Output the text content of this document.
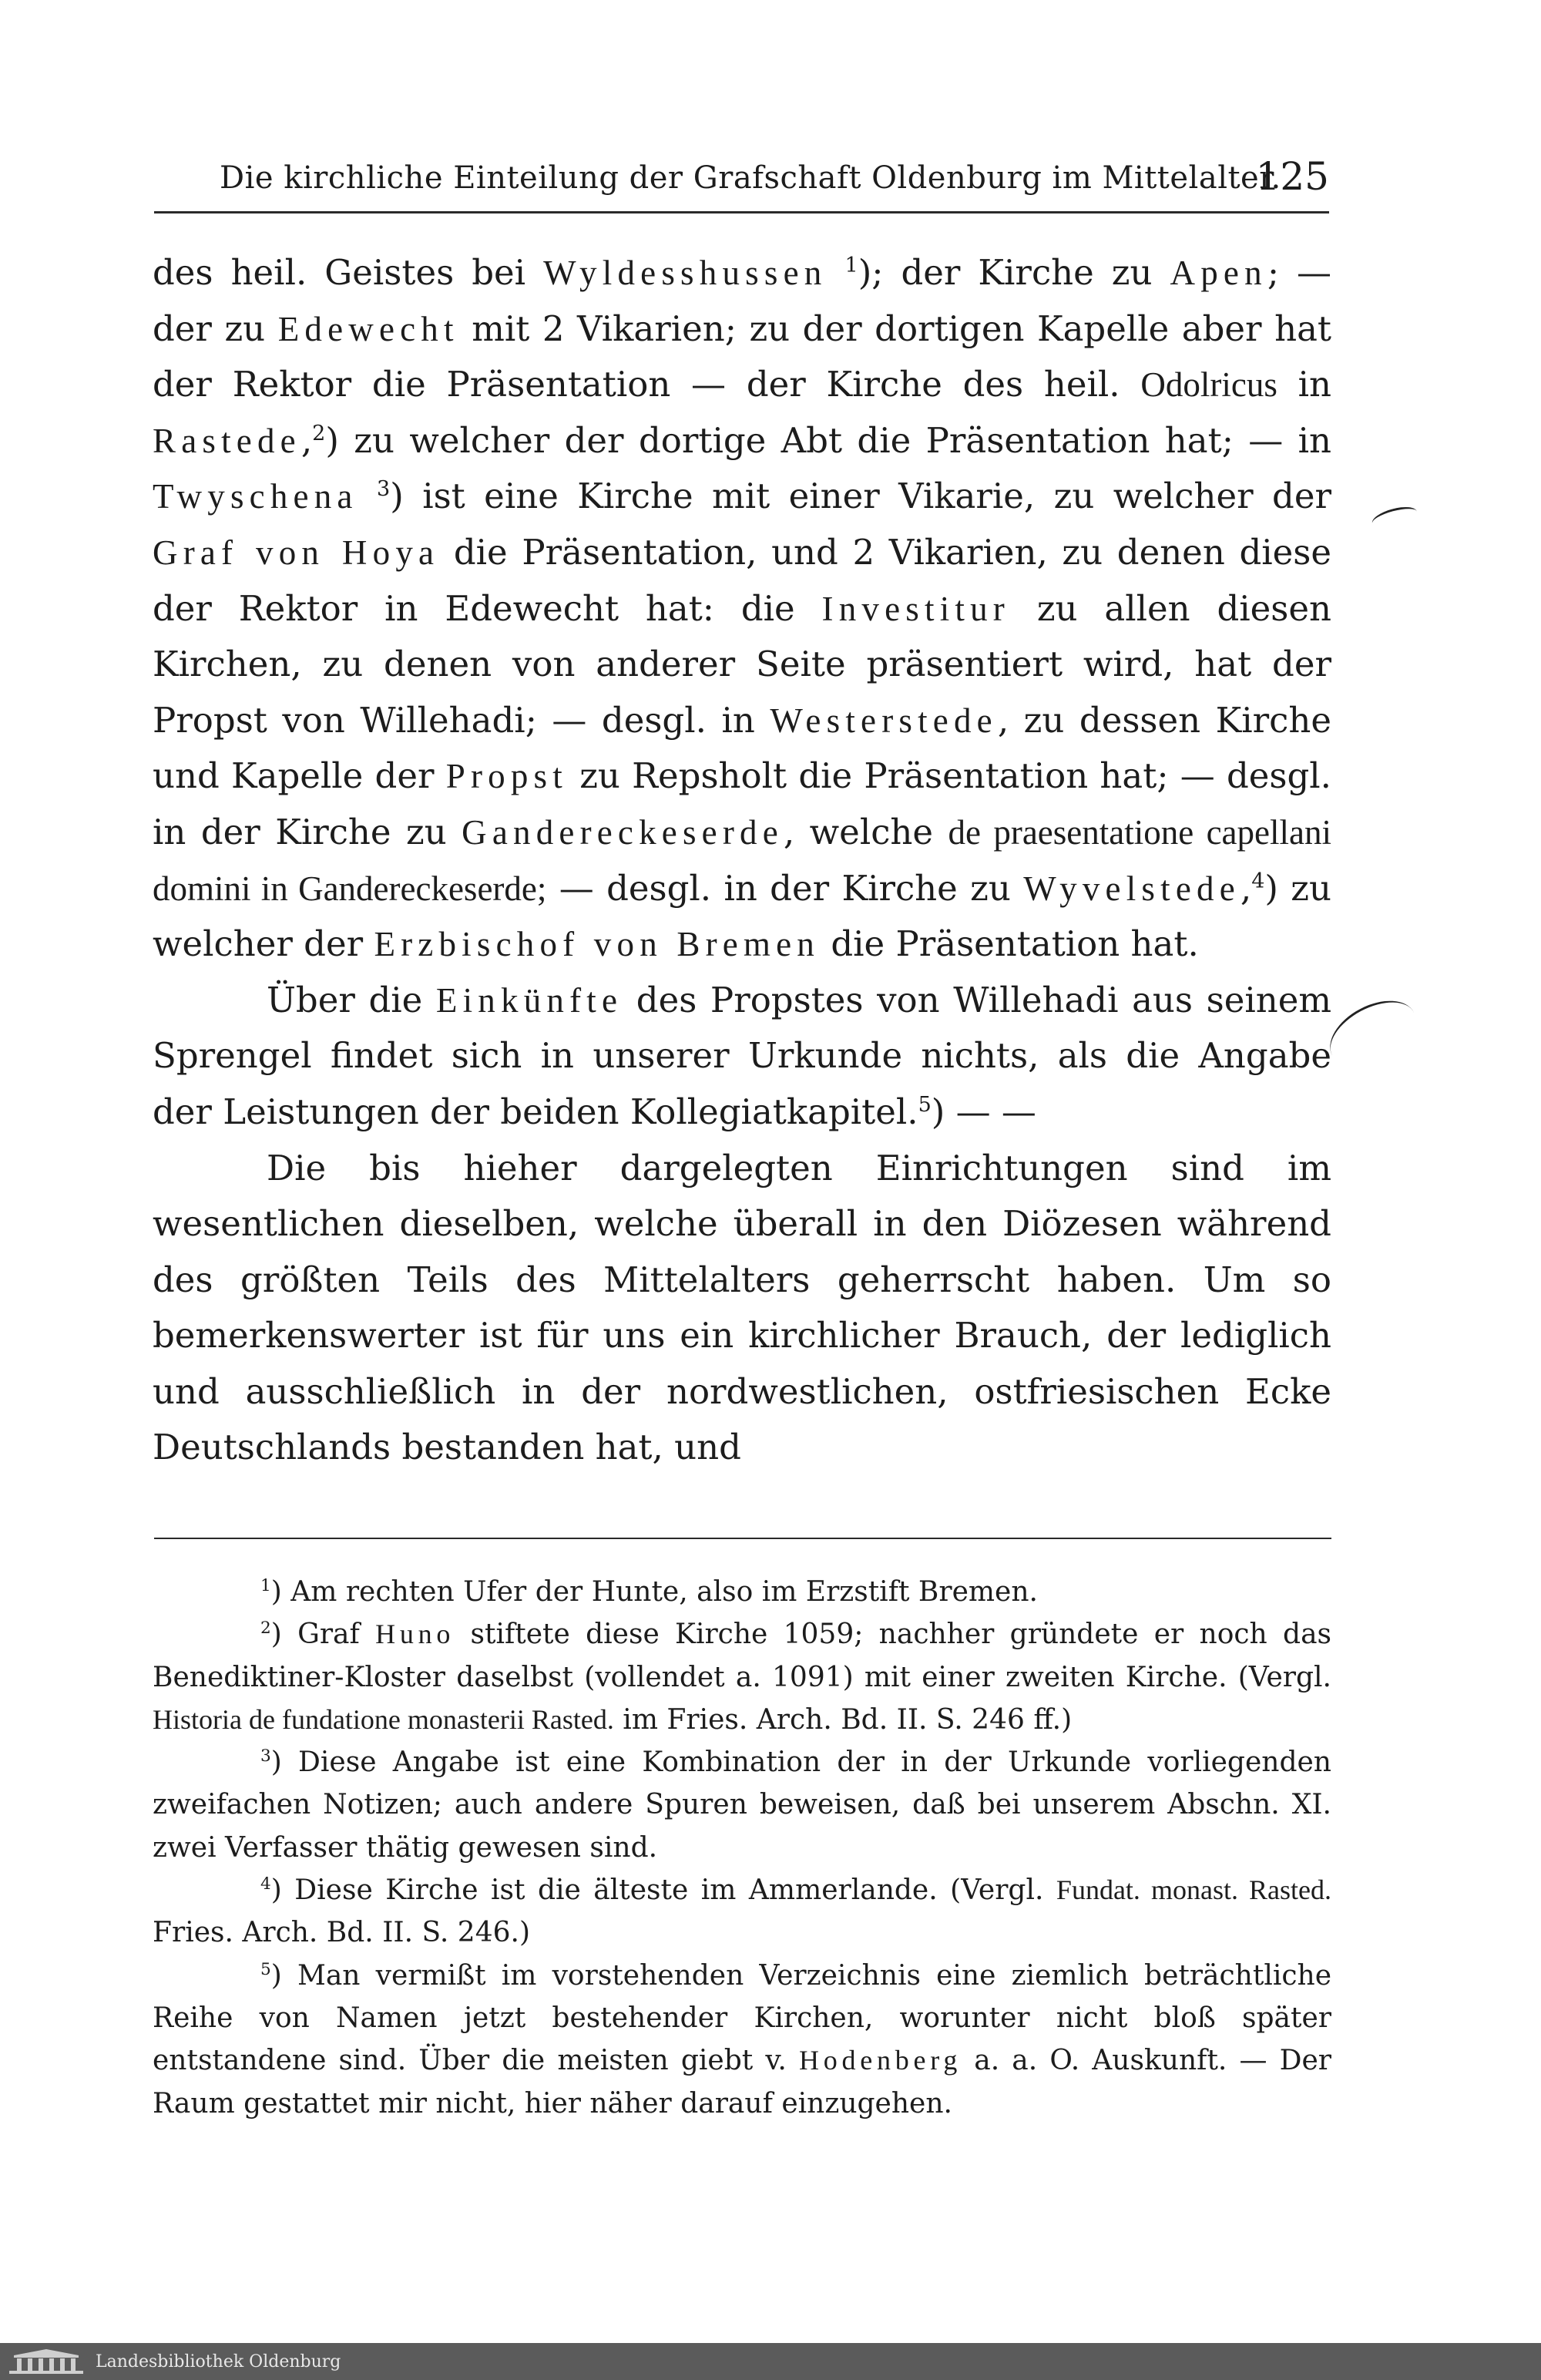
Die kirchliche Einteilung der Grafschaft Oldenburg im Mittelalter.
125

des heil. Geistes bei Wyldesshussen $^1$); der Kirche zu Apen; — der zu Edewecht mit 2 Vikarien; zu der dortigen Kapelle aber hat der Rektor die Präsentation — der Kirche des heil. Odolricus in Rastede,$^2$) zu welcher der dortige Abt die Präsentation hat; — in Twyschena $^3$) ist eine Kirche mit einer Vikarie, zu welcher der Graf von Hoya die Präsentation, und 2 Vikarien, zu denen diese der Rektor in Edewecht hat: die Investitur zu allen diesen Kirchen, zu denen von anderer Seite präsentiert wird, hat der Propst von Willehadi; — desgl. in Westerstede, zu dessen Kirche und Kapelle der Propst zu Repsholt die Präsentation hat; — desgl. in der Kirche zu Gandereckeserde, welche de praesentatione capellani domini in Gandereckeserde; — desgl. in der Kirche zu Wyvelstede,$^4$) zu welcher der Erzbischof von Bremen die Präsentation hat.

Über die Einkünfte des Propstes von Willehadi aus seinem Sprengel findet sich in unserer Urkunde nichts, als die Angabe der Leistungen der beiden Kollegiatkapitel.$^5$) — —

Die bis hieher dargelegten Einrichtungen sind im wesentlichen dieselben, welche überall in den Diözesen während des größten Teils des Mittelalters geherrscht haben. Um so bemerkenswerter ist für uns ein kirchlicher Brauch, der lediglich und ausschließlich in der nordwestlichen, ostfriesischen Ecke Deutschlands bestanden hat, und

$^1$) Am rechten Ufer der Hunte, also im Erzstift Bremen.

$^2$) Graf Huno stiftete diese Kirche 1059; nachher gründete er noch das Benediktiner-Kloster daselbst (vollendet a. 1091) mit einer zweiten Kirche. (Vergl. Historia de fundatione monasterii Rasted. im Fries. Arch. Bd. II. S. 246 ff.)

$^3$) Diese Angabe ist eine Kombination der in der Urkunde vorliegenden zweifachen Notizen; auch andere Spuren beweisen, daß bei unserem Abschn. XI. zwei Verfasser thätig gewesen sind.

$^4$) Diese Kirche ist die älteste im Ammerlande. (Vergl. Fundat. monast. Rasted. Fries. Arch. Bd. II. S. 246.)

$^5$) Man vermißt im vorstehenden Verzeichnis eine ziemlich beträchtliche Reihe von Namen jetzt bestehender Kirchen, worunter nicht bloß später entstandene sind. Über die meisten giebt v. Hodenberg a. a. O. Auskunft. — Der Raum gestattet mir nicht, hier näher darauf einzugehen.

Landesbibliothek Oldenburg
